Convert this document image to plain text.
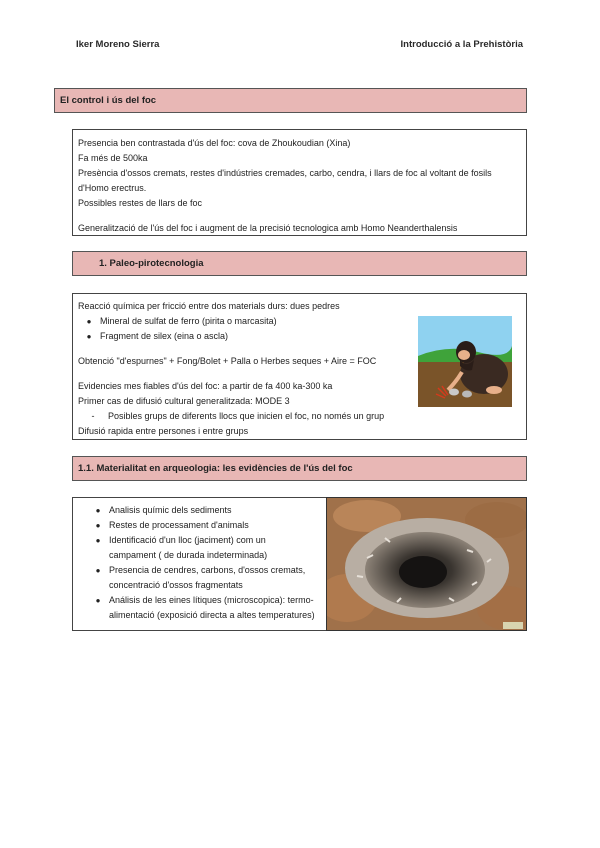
Iker Moreno Sierra	Introducció a la Prehistòria
El control i ús del foc
Presencia ben contrastada d'ús del foc: cova de Zhoukoudian (Xina)
Fa més de 500ka
Presència d'ossos cremats, restes d'indústries cremades, carbo, cendra, i llars de foc al voltant de fosils d'Homo erectrus.
Possibles restes de llars de foc
Generalització de l'ús del foc i augment de la precisió tecnologica amb Homo Neanderthalensis
1. Paleo-pirotecnologia
Reacció química per fricció entre dos materials durs: dues pedres
● Mineral de sulfat de ferro (pirita o marcasita)
● Fragment de silex (eina o ascla)
Obtenció "d'espurnes" + Fong/Bolet + Palla o Herbes seques + Aire = FOC
Evidencies mes fiables d'ús del foc: a partir de fa 400 ka-300 ka
Primer cas de difusió cultural generalitzada: MODE 3
-	Posibles grups de diferents llocs que inicien el foc, no només un grup
Difusió rapida entre persones i entre grups
1.1. Materialitat en arqueologia: les evidències de l'ús del foc
● Analisis químic dels sediments
● Restes de processament d'animals
● Identificació d'un lloc (jaciment) com un campament ( de durada indeterminada)
● Presencia de cendres, carbons, d'ossos cremats, concentració d'ossos fragmentats
● Análisis de les eines lítiques (microscopica): termo-alimentació (exposició directa a altes temperatures)
